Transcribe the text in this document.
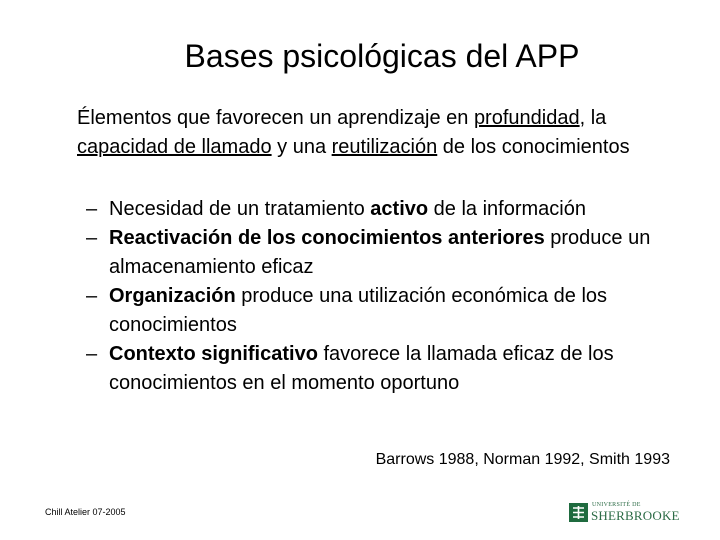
Bases psicológicas del APP
Élementos que favorecen un aprendizaje en profundidad, la capacidad de llamado y una reutilización de los conocimientos
– Necesidad de un tratamiento activo de la información
– Reactivación de los conocimientos anteriores produce un almacenamiento eficaz
– Organización produce una utilización económica de los conocimientos
– Contexto significativo favorece la llamada eficaz de los conocimientos en el momento oportuno
Barrows 1988, Norman 1992, Smith 1993
Chill Atelier 07-2005
UNIVERSITÉ DE
SHERBROOKE
